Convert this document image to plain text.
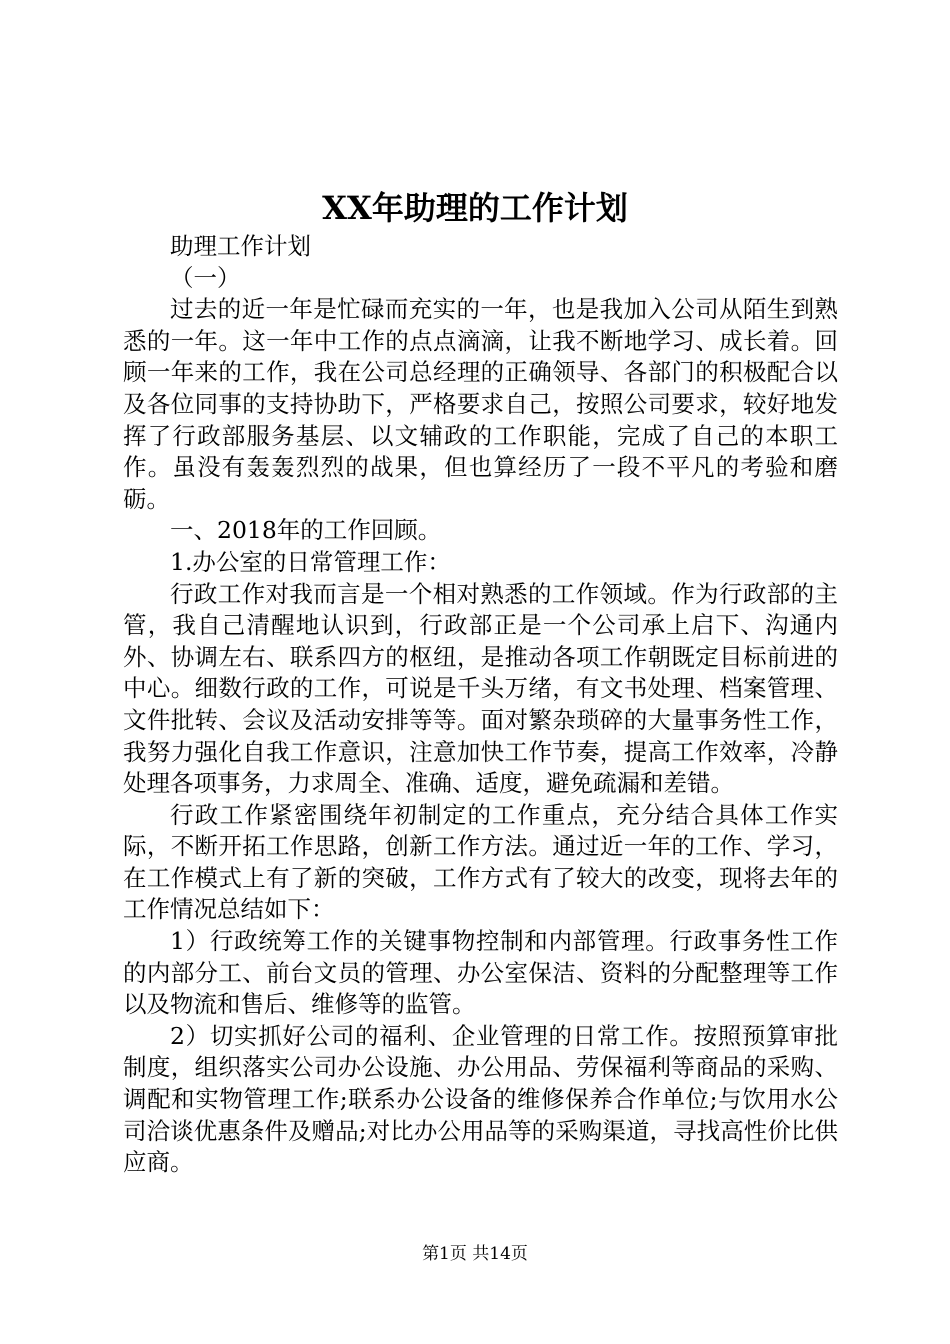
XX年助理的工作计划

助理工作计划

（一）

过去的近一年是忙碌而充实的一年，也是我加入公司从陌生到熟悉的一年。这一年中工作的点点滴滴，让我不断地学习、成长着。回顾一年来的工作，我在公司总经理的正确领导、各部门的积极配合以及各位同事的支持协助下，严格要求自己，按照公司要求，较好地发挥了行政部服务基层、以文辅政的工作职能，完成了自己的本职工作。虽没有轰轰烈烈的战果，但也算经历了一段不平凡的考验和磨砺。

一、2018年的工作回顾。

1.办公室的日常管理工作：

行政工作对我而言是一个相对熟悉的工作领域。作为行政部的主管，我自己清醒地认识到，行政部正是一个公司承上启下、沟通内外、协调左右、联系四方的枢纽，是推动各项工作朝既定目标前进的中心。细数行政的工作，可说是千头万绪，有文书处理、档案管理、文件批转、会议及活动安排等等。面对繁杂琐碎的大量事务性工作，我努力强化自我工作意识，注意加快工作节奏，提高工作效率，冷静处理各项事务，力求周全、准确、适度，避免疏漏和差错。

行政工作紧密围绕年初制定的工作重点，充分结合具体工作实际，不断开拓工作思路，创新工作方法。通过近一年的工作、学习，在工作模式上有了新的突破，工作方式有了较大的改变，现将去年的工作情况总结如下：

1）行政统筹工作的关键事物控制和内部管理。行政事务性工作的内部分工、前台文员的管理、办公室保洁、资料的分配整理等工作以及物流和售后、维修等的监管。

2）切实抓好公司的福利、企业管理的日常工作。按照预算审批制度，组织落实公司办公设施、办公用品、劳保福利等商品的采购、调配和实物管理工作;联系办公设备的维修保养合作单位;与饮用水公司洽谈优惠条件及赠品;对比办公用品等的采购渠道，寻找高性价比供应商。

第1页 共14页
